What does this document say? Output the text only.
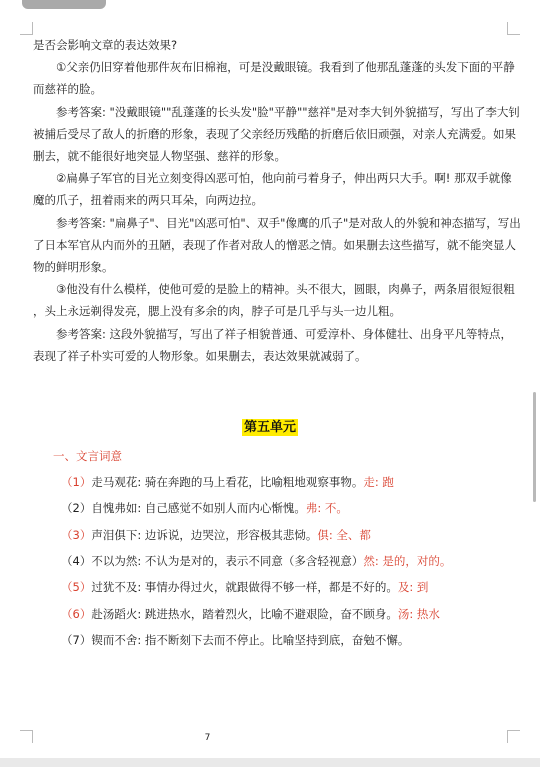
是否会影响文章的表达效果?
①父亲仍旧穿着他那件灰布旧棉袍，可是没戴眼镜。我看到了他那乱蓬蓬的头发下面的平静
而慈祥的脸。
参考答案: "没戴眼镜""乱蓬蓬的长头发"脸"平静""慈祥"是对李大钊外貌描写，写出了李大钊
被捕后受尽了敌人的折磨的形象，表现了父亲经历残酷的折磨后依旧顽强，对亲人充满爱。如果
删去，就不能很好地突显人物坚强、慈祥的形象。
②扁鼻子军官的目光立刻变得凶恶可怕，他向前弓着身子，伸出两只大手。啊! 那双手就像
魔的爪子，扭着雨来的两只耳朵，向两边拉。
参考答案: "扁鼻子"、目光"凶恶可怕"、双手"像鹰的爪子"是对敌人的外貌和神态描写，写出
了日本军官从内而外的丑陋，表现了作者对敌人的憎恶之情。如果删去这些描写，就不能突显人
物的鲜明形象。
③他没有什么模样，使他可爱的是脸上的精神。头不很大，圆眼，肉鼻子，两条眉很短很粗
，头上永远剃得发亮，腮上没有多余的肉，脖子可是几乎与头一边儿粗。
参考答案: 这段外貌描写，写出了祥子相貌普通、可爱淳朴、身体健壮、出身平凡等特点，
表现了祥子朴实可爱的人物形象。如果删去，表达效果就减弱了。
第五单元
一、文言词意
（1）走马观花: 骑在奔跑的马上看花，比喻粗地观察事物。走: 跑
（2）自愧弗如: 自己感觉不如别人而内心惭愧。弗: 不。
（3）声泪俱下: 边诉说，边哭泣，形容极其悲恸。俱: 全、都
（4）不以为然: 不认为是对的，表示不同意（多含轻视意）然: 是的，对的。
（5）过犹不及: 事情办得过火，就跟做得不够一样，都是不好的。及: 到
（6）赴汤蹈火: 跳进热水，踏着烈火，比喻不避艰险，奋不顾身。汤: 热水
（7）锲而不舍: 指不断刻下去而不停止。比喻坚持到底，奋勉不懈。
7
